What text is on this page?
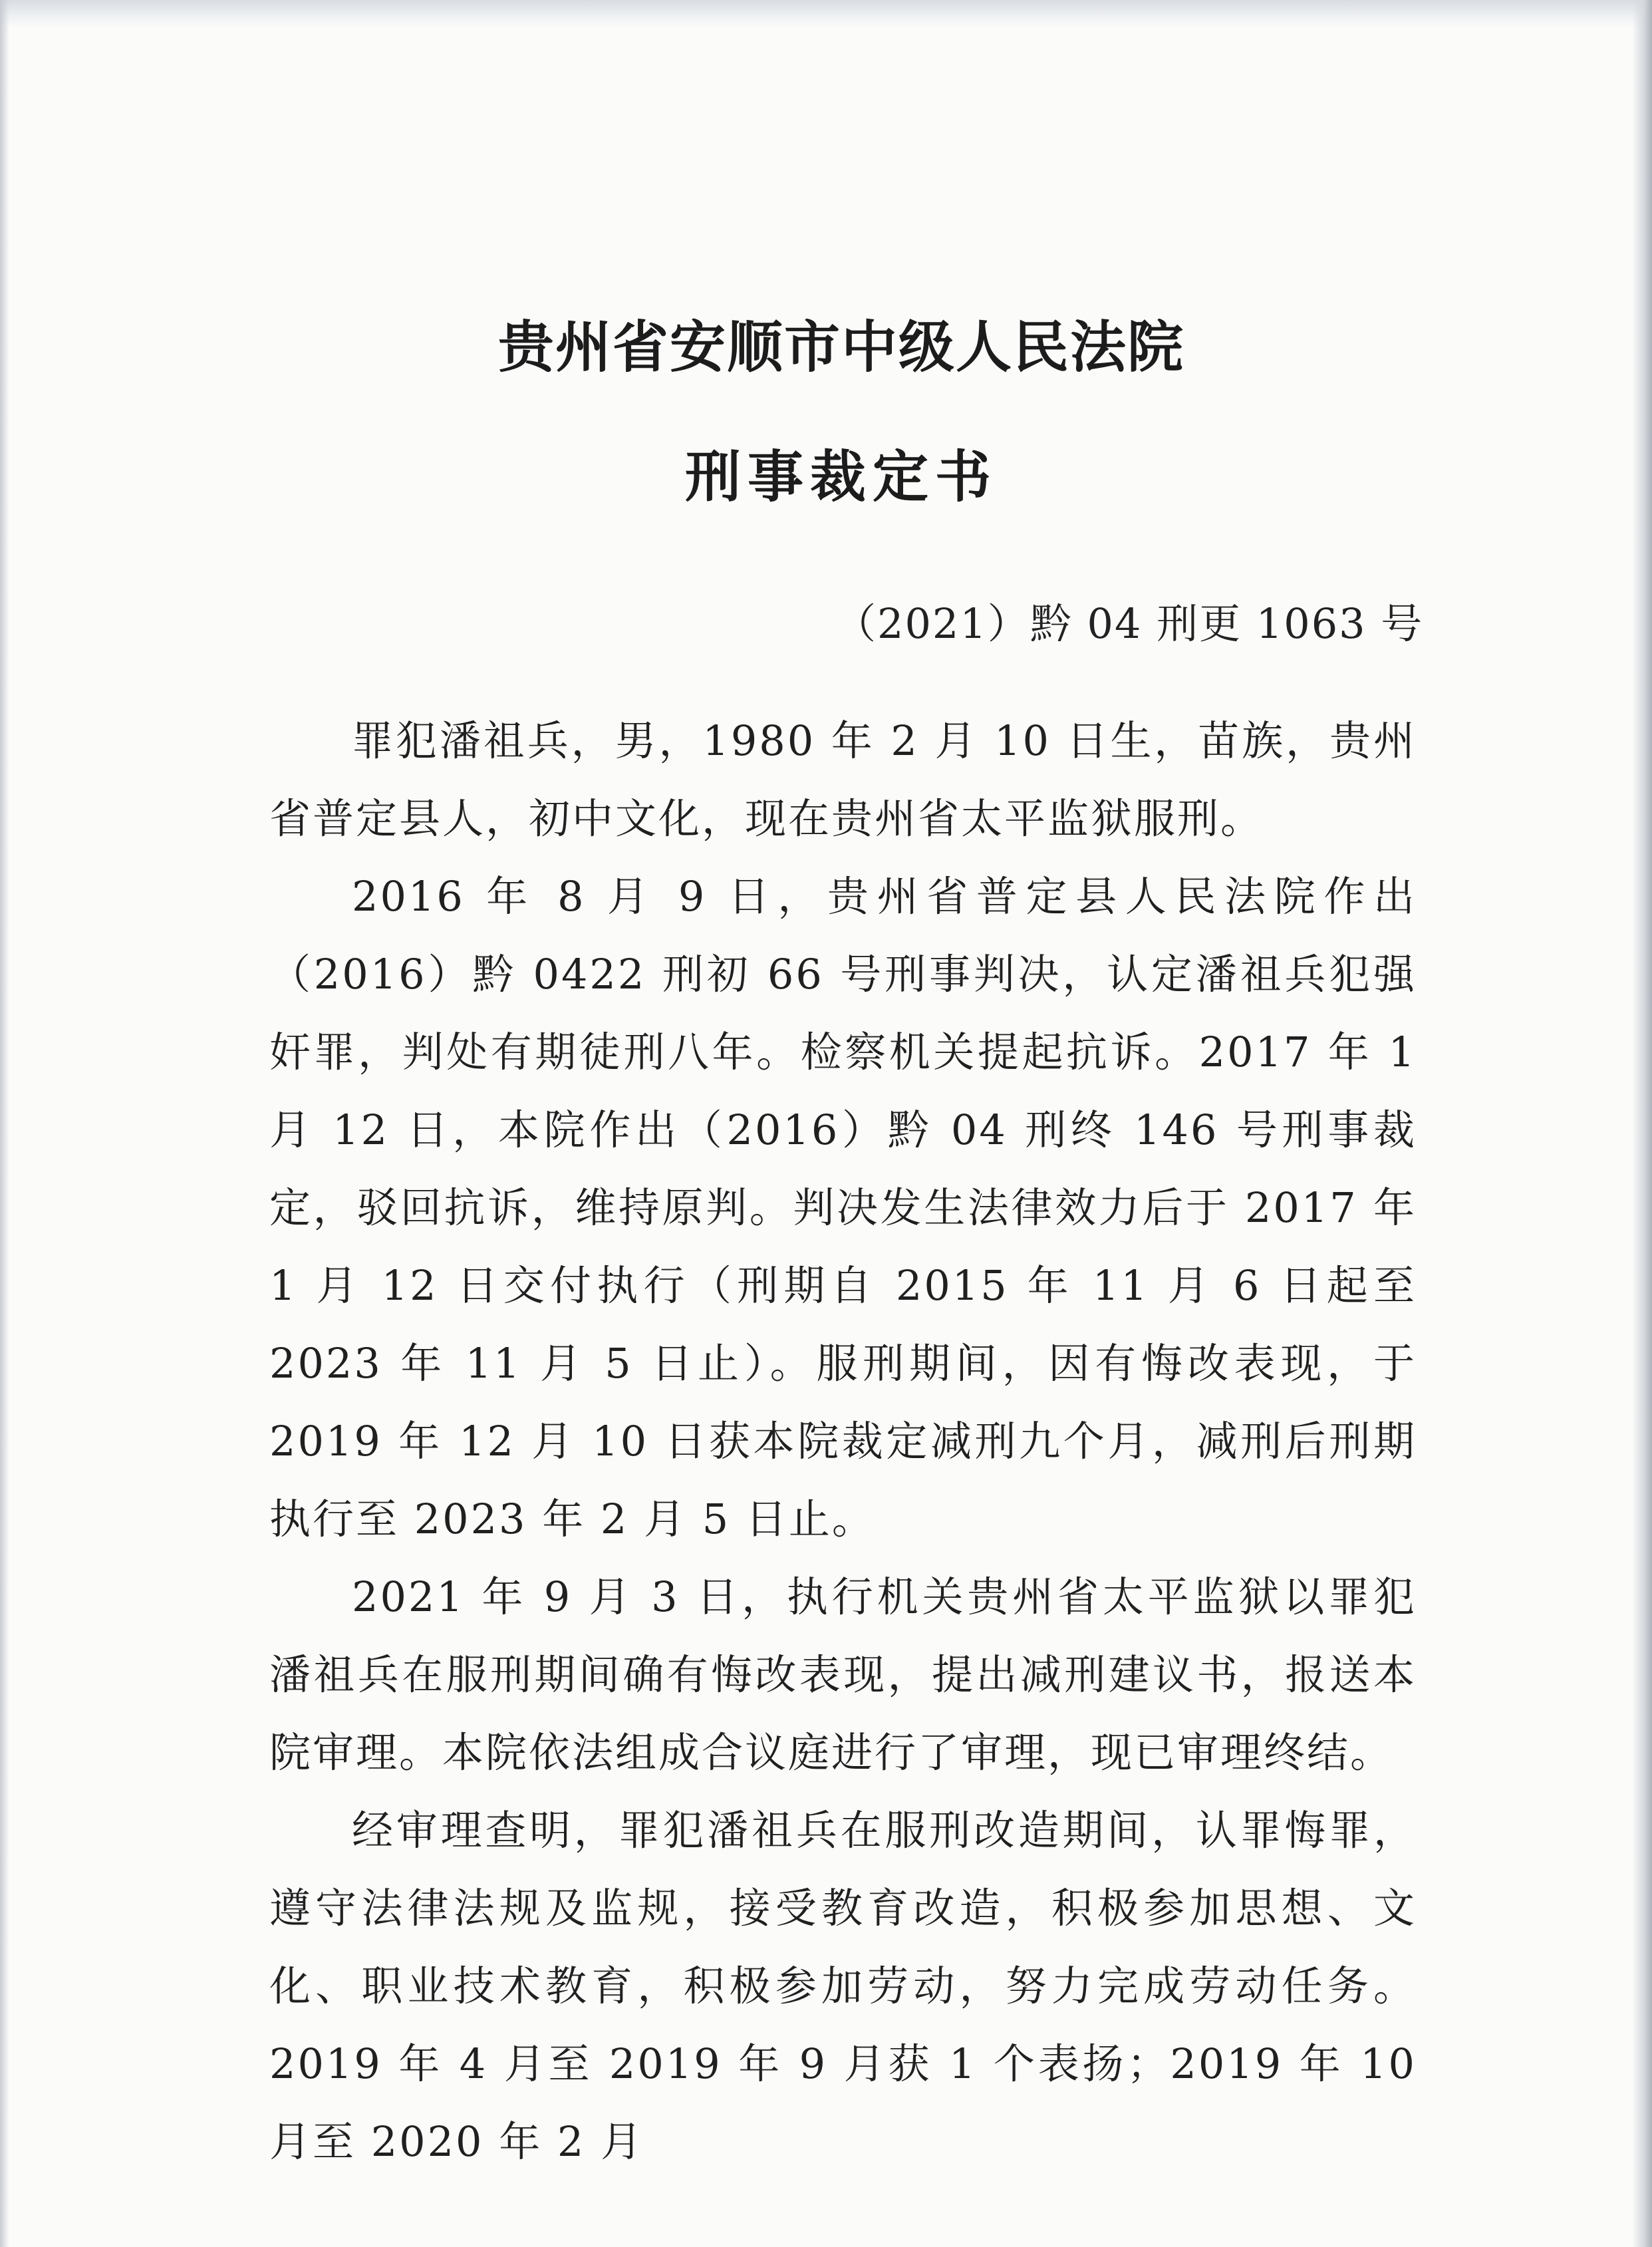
贵州省安顺市中级人民法院
刑事裁定书
（2021）黔 04 刑更 1063 号

罪犯潘祖兵，男，1980 年 2 月 10 日生，苗族，贵州省普定县人，初中文化，现在贵州省太平监狱服刑。

2016 年 8 月 9 日，贵州省普定县人民法院作出（2016）黔 0422 刑初 66 号刑事判决，认定潘祖兵犯强奸罪，判处有期徒刑八年。检察机关提起抗诉。2017 年 1 月 12 日，本院作出（2016）黔 04 刑终 146 号刑事裁定，驳回抗诉，维持原判。判决发生法律效力后于 2017 年 1 月 12 日交付执行（刑期自 2015 年 11 月 6 日起至 2023 年 11 月 5 日止）。服刑期间，因有悔改表现，于 2019 年 12 月 10 日获本院裁定减刑九个月，减刑后刑期执行至 2023 年 2 月 5 日止。

2021 年 9 月 3 日，执行机关贵州省太平监狱以罪犯潘祖兵在服刑期间确有悔改表现，提出减刑建议书，报送本院审理。本院依法组成合议庭进行了审理，现已审理终结。

经审理查明，罪犯潘祖兵在服刑改造期间，认罪悔罪，遵守法律法规及监规，接受教育改造，积极参加思想、文化、职业技术教育，积极参加劳动，努力完成劳动任务。2019 年 4 月至 2019 年 9 月获 1 个表扬；2019 年 10 月至 2020 年 2 月
